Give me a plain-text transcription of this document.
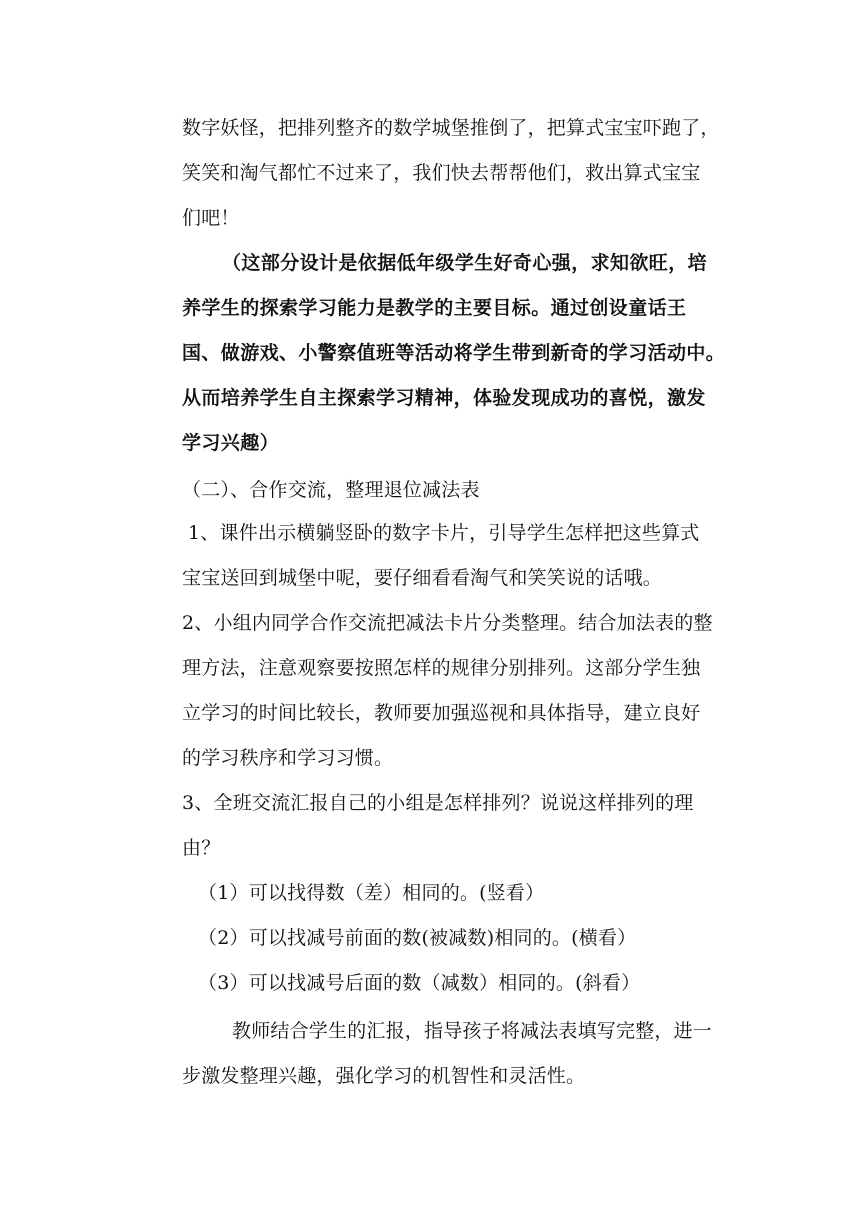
数字妖怪，把排列整齐的数学城堡推倒了，把算式宝宝吓跑了，
笑笑和淘气都忙不过来了，我们快去帮帮他们，救出算式宝宝
们吧！
（这部分设计是依据低年级学生好奇心强，求知欲旺，培
养学生的探索学习能力是教学的主要目标。通过创设童话王
国、做游戏、小警察值班等活动将学生带到新奇的学习活动中。
从而培养学生自主探索学习精神，体验发现成功的喜悦，激发
学习兴趣）
（二）、合作交流，整理退位减法表
1、课件出示横躺竖卧的数字卡片，引导学生怎样把这些算式
宝宝送回到城堡中呢，要仔细看看淘气和笑笑说的话哦。
2、小组内同学合作交流把减法卡片分类整理。结合加法表的整
理方法，注意观察要按照怎样的规律分别排列。这部分学生独
立学习的时间比较长，教师要加强巡视和具体指导，建立良好
的学习秩序和学习习惯。
3、全班交流汇报自己的小组是怎样排列？说说这样排列的理
由？
（1）可以找得数（差）相同的。(竖看）
（2）可以找减号前面的数(被减数)相同的。(横看）
（3）可以找减号后面的数（减数）相同的。(斜看）
教师结合学生的汇报，指导孩子将减法表填写完整，进一
步激发整理兴趣，强化学习的机智性和灵活性。
